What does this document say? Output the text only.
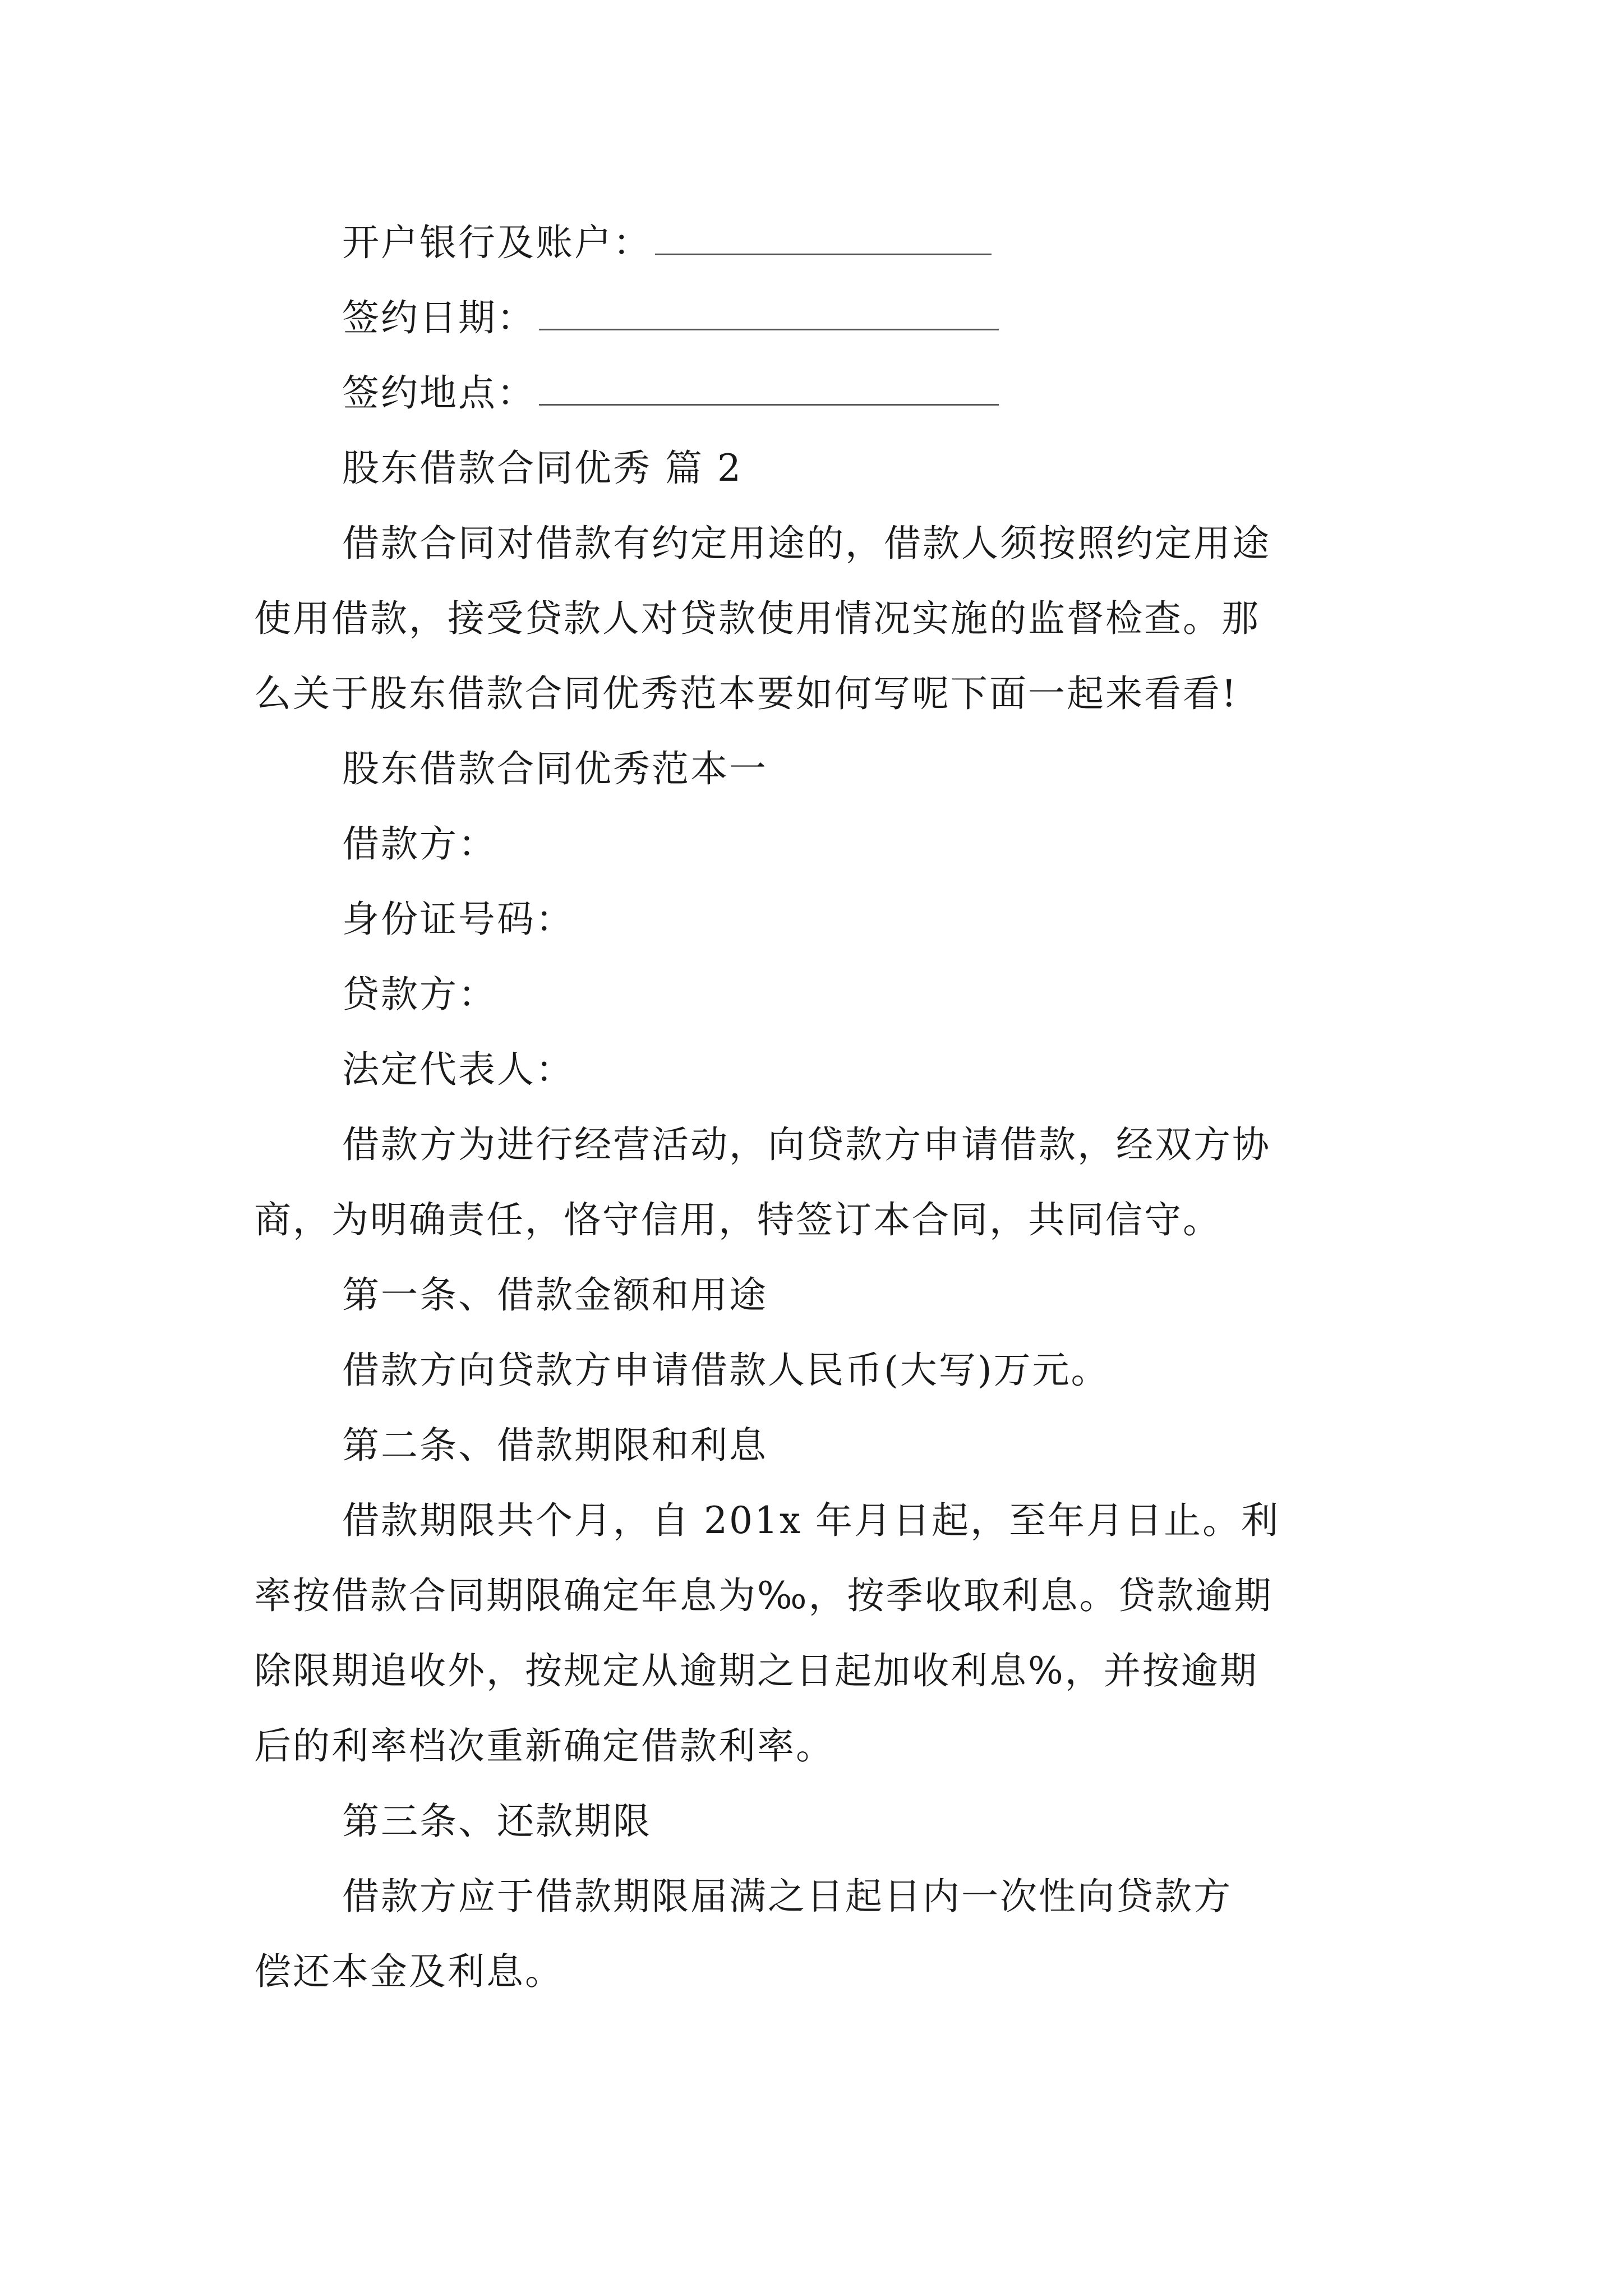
开户银行及账户：
签约日期：
签约地点：
股东借款合同优秀 篇 2
借款合同对借款有约定用途的，借款人须按照约定用途
使用借款，接受贷款人对贷款使用情况实施的监督检查。那
么关于股东借款合同优秀范本要如何写呢下面一起来看看!
股东借款合同优秀范本一
借款方：
身份证号码：
贷款方：
法定代表人：
借款方为进行经营活动，向贷款方申请借款，经双方协
商，为明确责任，恪守信用，特签订本合同，共同信守。
第一条、借款金额和用途
借款方向贷款方申请借款人民币(大写)万元。
第二条、借款期限和利息
借款期限共个月，自 201x 年月日起，至年月日止。利
率按借款合同期限确定年息为‰，按季收取利息。贷款逾期
除限期追收外，按规定从逾期之日起加收利息%，并按逾期
后的利率档次重新确定借款利率。
第三条、还款期限
借款方应于借款期限届满之日起日内一次性向贷款方
偿还本金及利息。
